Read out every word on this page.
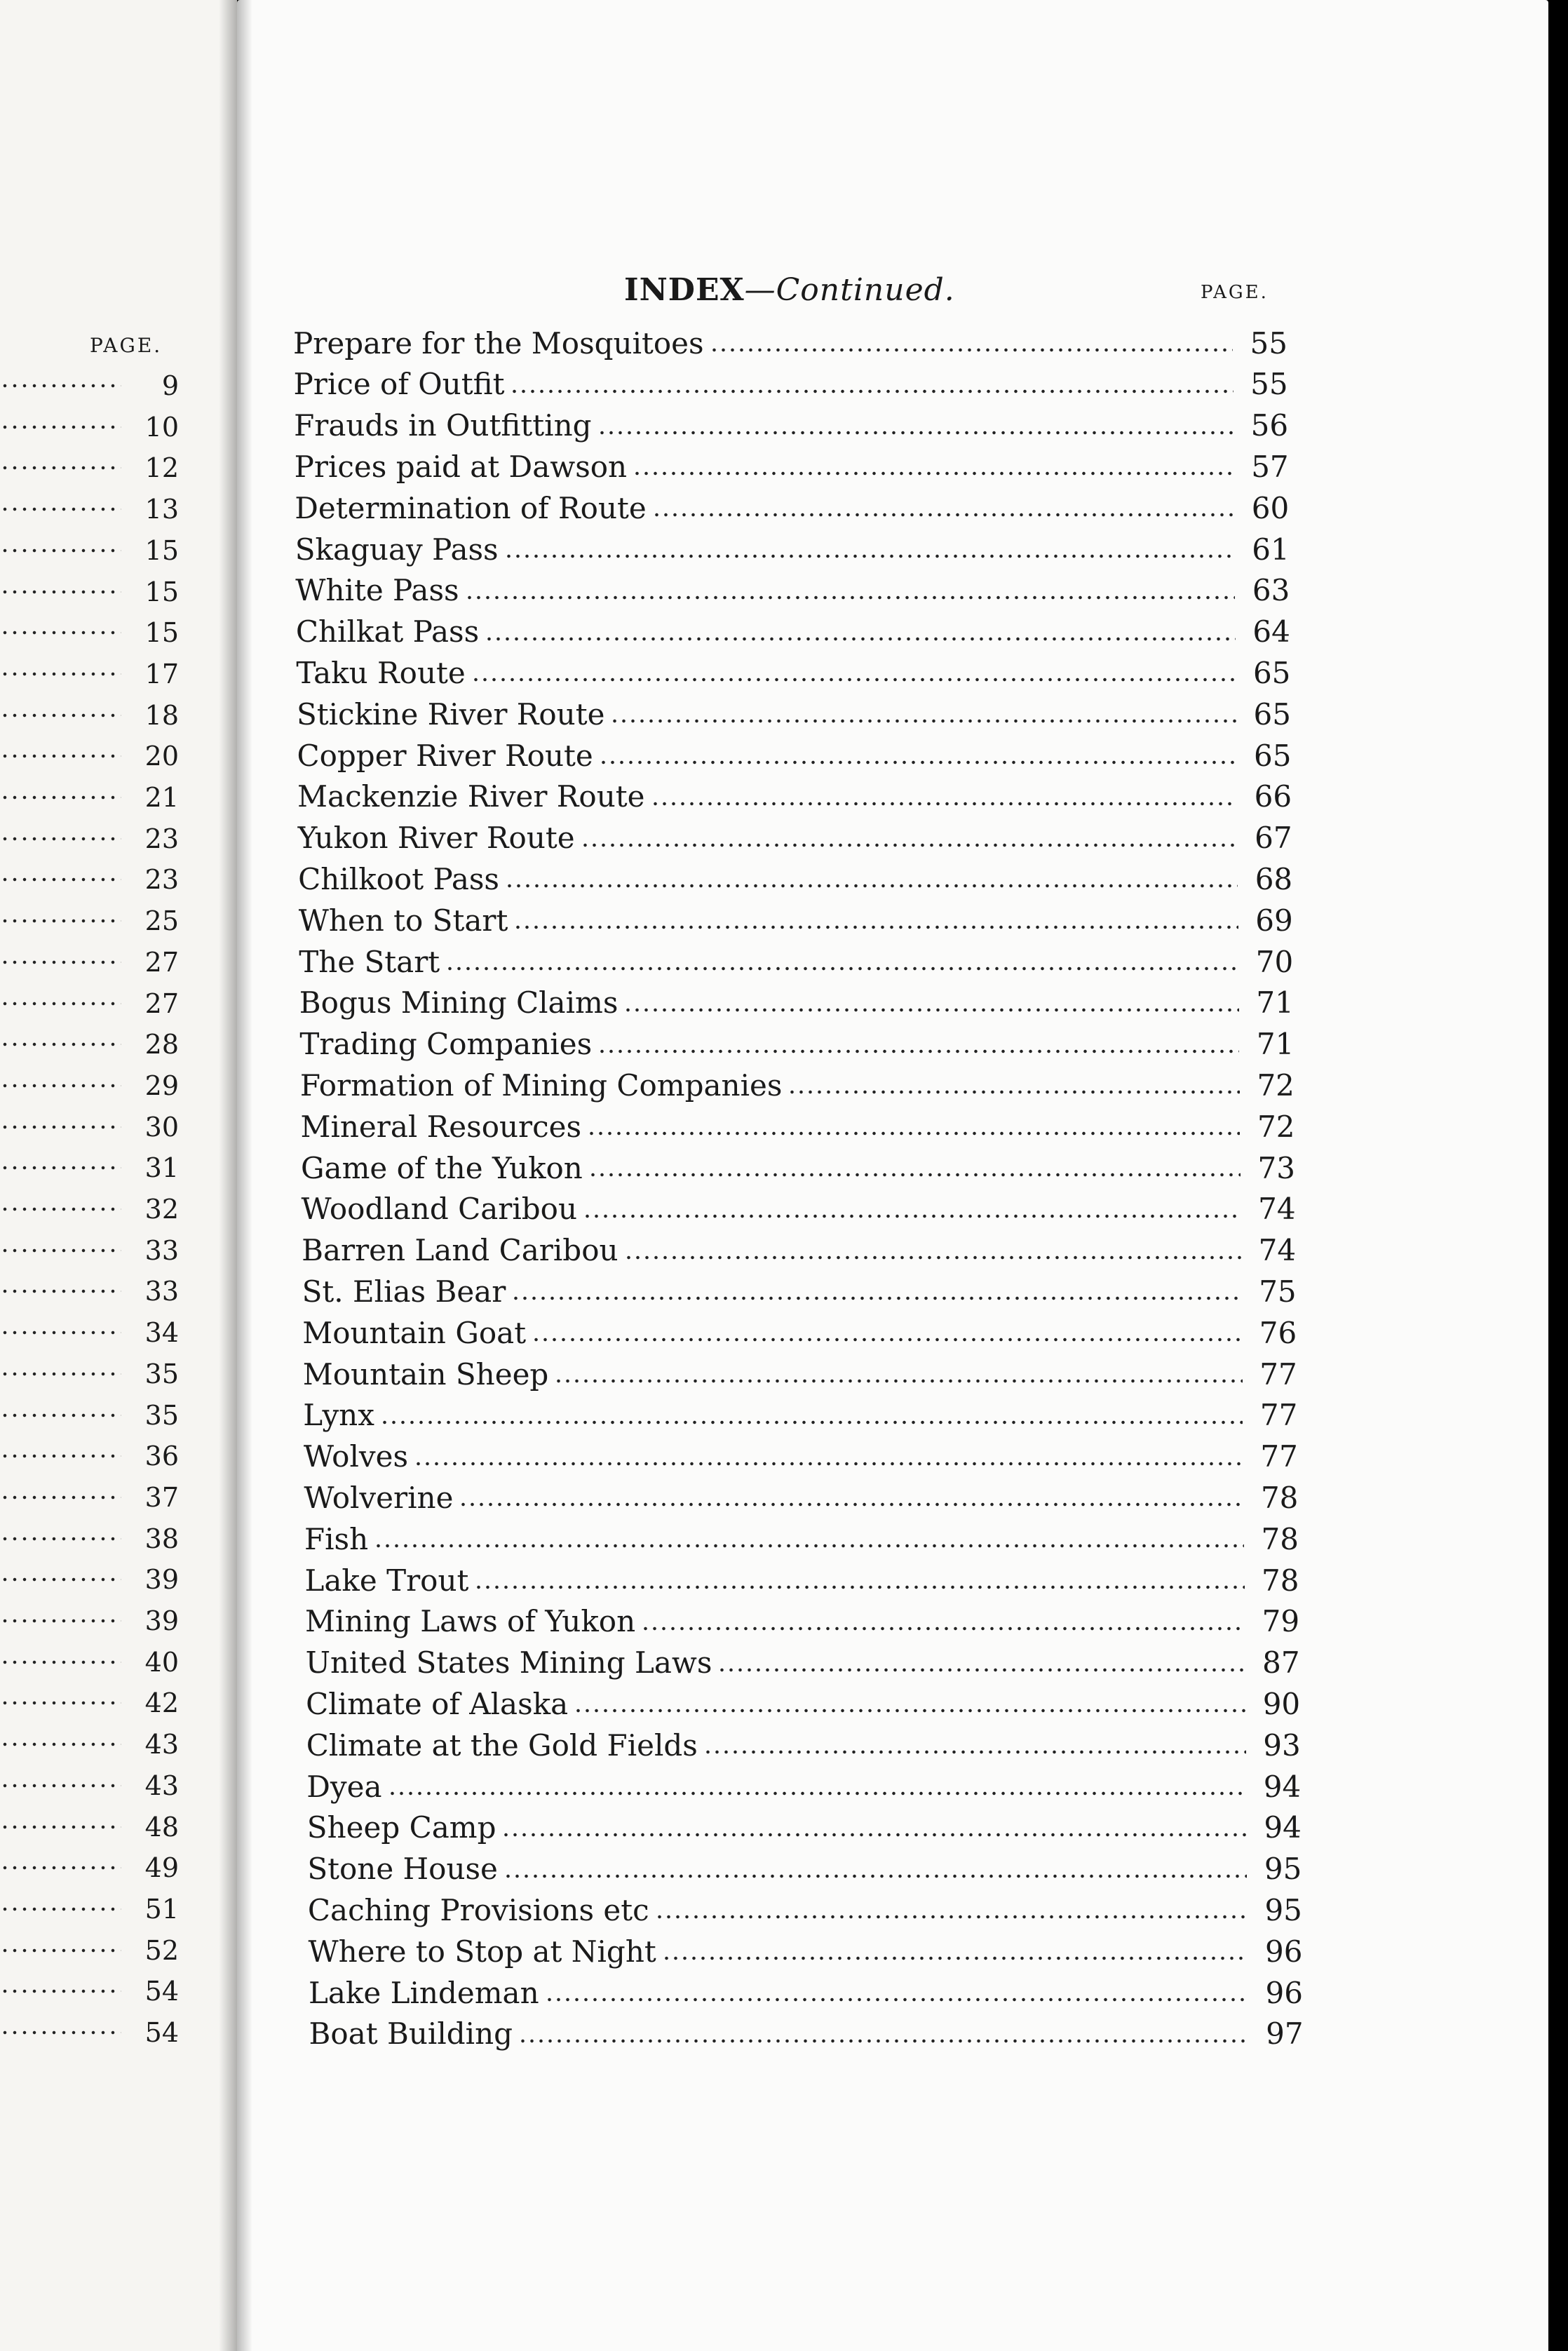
PAGE.
9
10
12
13
15
15
15
17
18
20
21
23
23
25
27
27
28
29
30
31
32
33
33
34
35
35
36
37
38
39
39
40
42
43
43
48
49
51
52
54
54
INDEX—Continued.	PAGE.
Prepare for the Mosquitoes	55
Price of Outfit	55
Frauds in Outfitting	56
Prices paid at Dawson	57
Determination of Route	60
Skaguay Pass	61
White Pass	63
Chilkat Pass	64
Taku Route	65
Stickine River Route	65
Copper River Route	65
Mackenzie River Route	66
Yukon River Route	67
Chilkoot Pass	68
When to Start	69
The Start	70
Bogus Mining Claims	71
Trading Companies	71
Formation of Mining Companies	72
Mineral Resources	72
Game of the Yukon	73
Woodland Caribou	74
Barren Land Caribou	74
St. Elias Bear	75
Mountain Goat	76
Mountain Sheep	77
Lynx	77
Wolves	77
Wolverine	78
Fish	78
Lake Trout	78
Mining Laws of Yukon	79
United States Mining Laws	87
Climate of Alaska	90
Climate at the Gold Fields	93
Dyea	94
Sheep Camp	94
Stone House	95
Caching Provisions etc	95
Where to Stop at Night	96
Lake Lindeman	96
Boat Building	97
